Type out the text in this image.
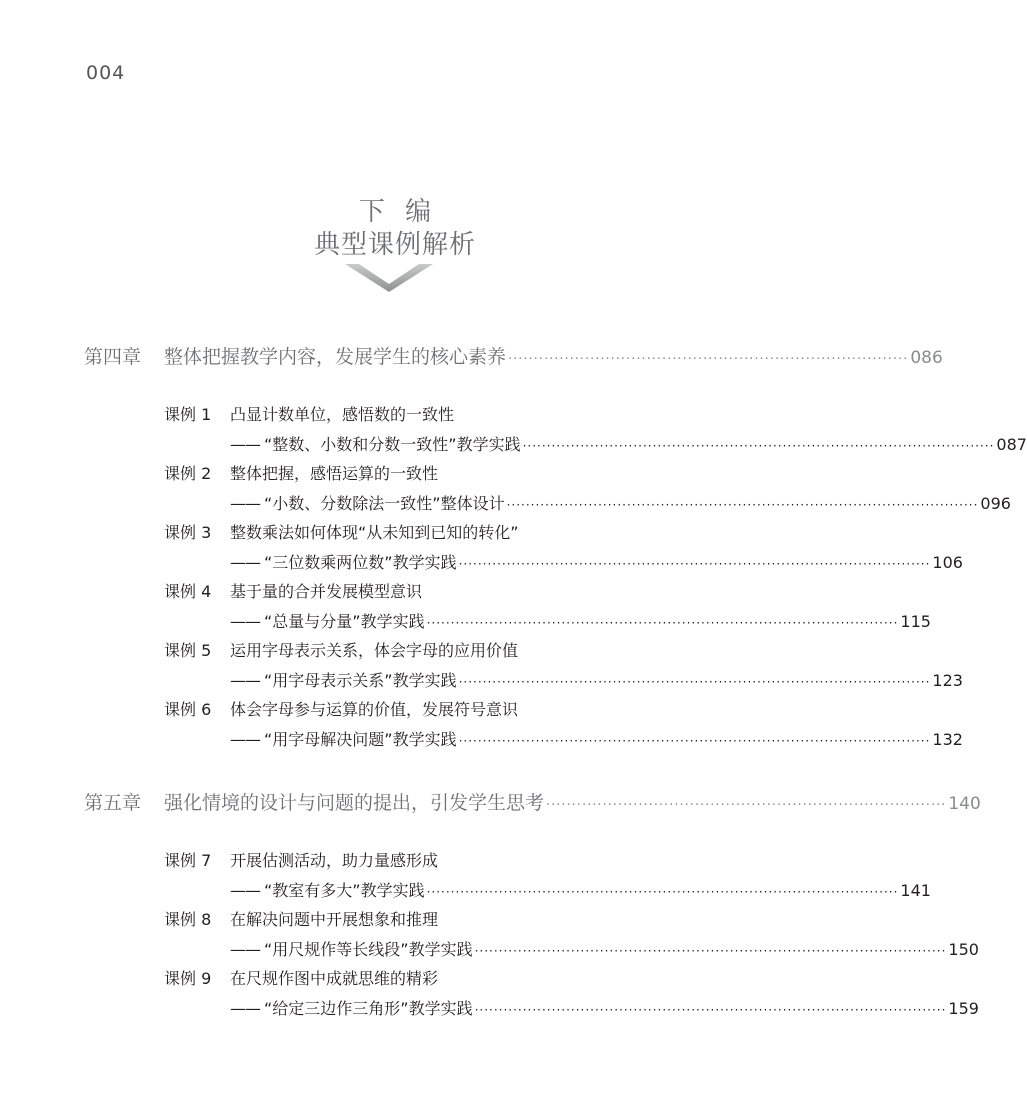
004
下 编
典型课例解析
第四章	整体把握教学内容，发展学生的核心素养 ·············································································· 086
课例 1	凸显计数单位，感悟数的一致性
—— “整数、小数和分数一致性”教学实践 ·································································································· 087
课例 2	整体把握，感悟运算的一致性
—— “小数、分数除法一致性”整体设计 ·································································································· 096
课例 3	整数乘法如何体现“从未知到已知的转化”
—— “三位数乘两位数”教学实践 ·································································································· 106
课例 4	基于量的合并发展模型意识
—— “总量与分量”教学实践 ·································································································· 115
课例 5	运用字母表示关系，体会字母的应用价值
—— “用字母表示关系”教学实践 ·································································································· 123
课例 6	体会字母参与运算的价值，发展符号意识
—— “用字母解决问题”教学实践 ·································································································· 132
第五章	强化情境的设计与问题的提出，引发学生思考 ·············································································· 140
课例 7	开展估测活动，助力量感形成
—— “教室有多大”教学实践 ·································································································· 141
课例 8	在解决问题中开展想象和推理
—— “用尺规作等长线段”教学实践 ·································································································· 150
课例 9	在尺规作图中成就思维的精彩
—— “给定三边作三角形”教学实践 ·································································································· 159
